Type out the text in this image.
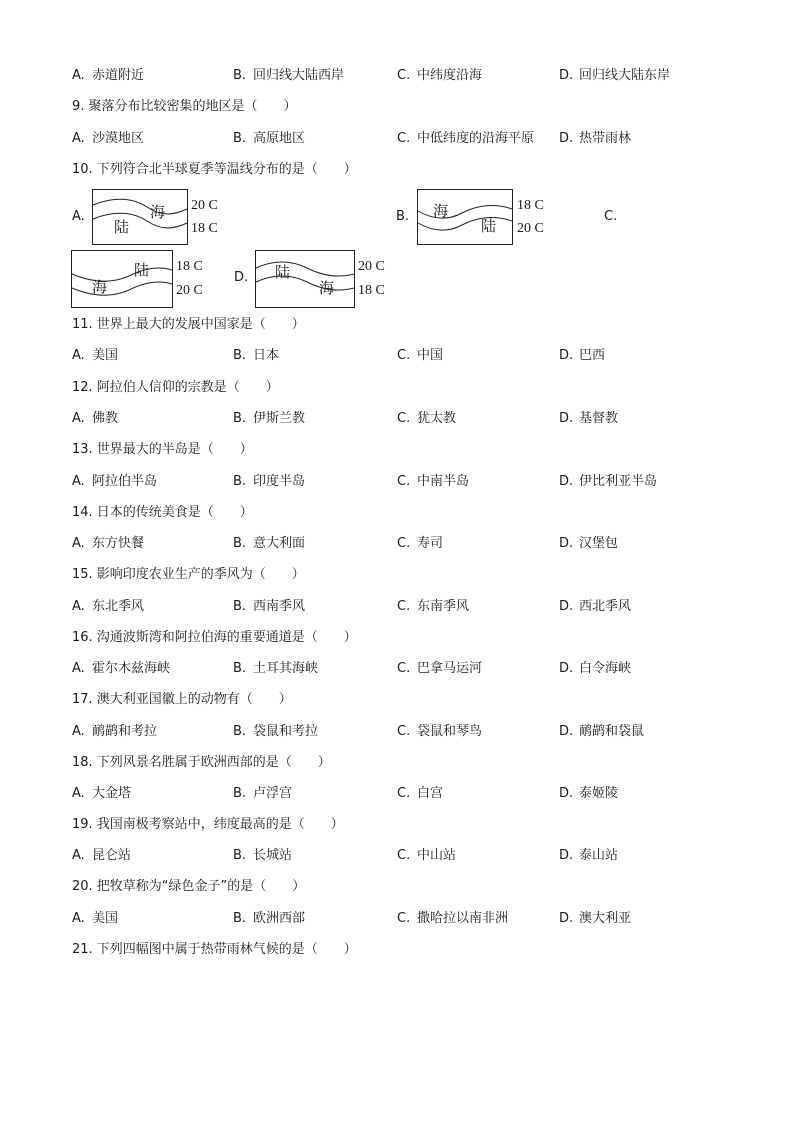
A. 赤道附近	B. 回归线大陆西岸	C. 中纬度沿海	D. 回归线大陆东岸
9. 聚落分布比较密集的地区是（　　）
A. 沙漠地区	B. 高原地区	C. 中低纬度的沿海平原 D. 热带雨林
10. 下列符合北半球夏季等温线分布的是（　　）
A.
陆
海 20 C
18 C
B. 海
陆
18 C
20 C
C.
陆
海
18 C
20 C
D. 陆
海
20 C
18 C
11. 世界上最大的发展中国家是（　　）
A. 美国	B. 日本	C. 中国	D. 巴西
12. 阿拉伯人信仰的宗教是（　　）
A. 佛教	B. 伊斯兰教	C. 犹太教	D. 基督教
13. 世界最大的半岛是（　　）
A. 阿拉伯半岛	B. 印度半岛	C. 中南半岛	D. 伊比利亚半岛
14. 日本的传统美食是（　　）
A. 东方快餐	B. 意大利面	C. 寿司	D. 汉堡包
15. 影响印度农业生产的季风为（　　）
A. 东北季风	B. 西南季风	C. 东南季风	D. 西北季风
16. 沟通波斯湾和阿拉伯海的重要通道是（　　）
A. 霍尔木兹海峡	B. 土耳其海峡	C. 巴拿马运河	D. 白令海峡
17. 澳大利亚国徽上的动物有（　　）
A. 鸸鹋和考拉	B. 袋鼠和考拉	C. 袋鼠和琴鸟	D. 鸸鹋和袋鼠
18. 下列风景名胜属于欧洲西部的是（　　）
A. 大金塔	B. 卢浮宫	C. 白宫	D. 泰姬陵
19. 我国南极考察站中，纬度最高的是（　　）
A. 昆仑站	B. 长城站	C. 中山站	D. 泰山站
20. 把牧草称为“绿色金子”的是（　　）
A. 美国	B. 欧洲西部	C. 撒哈拉以南非洲	D. 澳大利亚
21. 下列四幅图中属于热带雨林气候的是（　　）
